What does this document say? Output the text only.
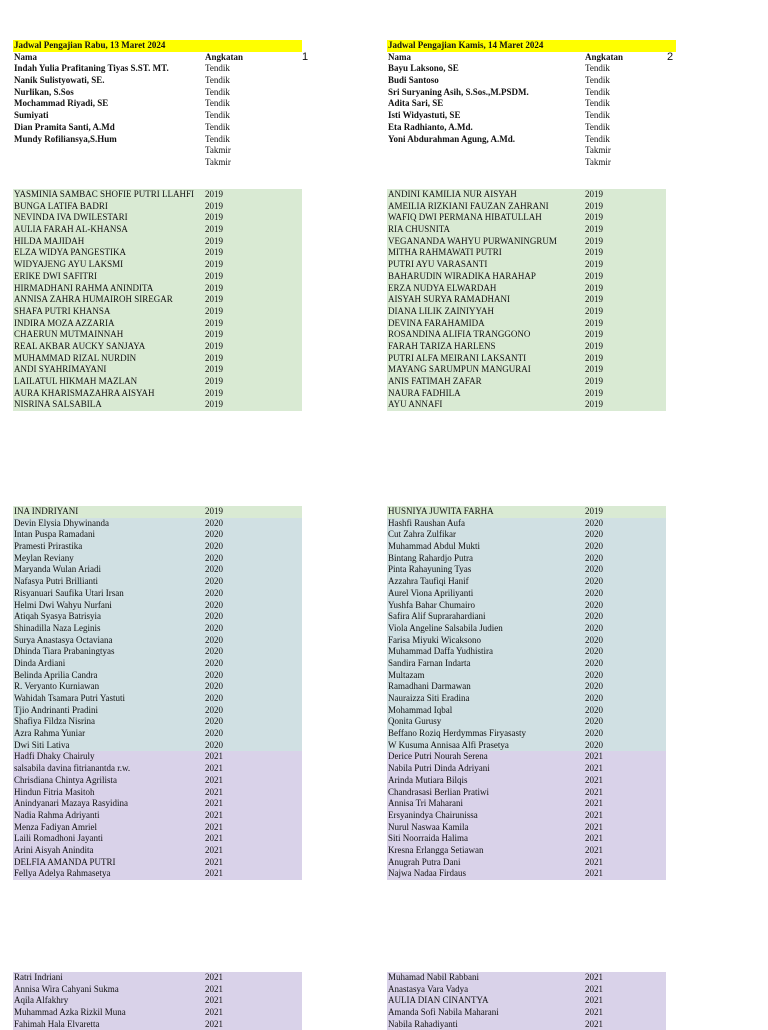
Jadwal Pengajian Rabu, 13 Maret 2024
Nama	Angkatan
Indah Yulia Prafitaning Tiyas S.ST. MT.	Tendik
Nanik Sulistyowati, SE.	Tendik
Nurlikan, S.Sos	Tendik
Mochammad Riyadi, SE	Tendik
Sumiyati	Tendik
Dian Pramita Santi, A.Md	Tendik
Mundy Rofiliansya,S.Hum	Tendik
Takmir
Takmir
1
YASMINIA SAMBAC SHOFIE PUTRI LLAHFI	2019
BUNGA LATIFA BADRI	2019
NEVINDA IVA DWILESTARI	2019
AULIA FARAH AL-KHANSA	2019
HILDA MAJIDAH	2019
ELZA WIDYA PANGESTIKA	2019
WIDYAJENG AYU LAKSMI	2019
ERIKE DWI SAFITRI	2019
HIRMADHANI RAHMA ANINDITA	2019
ANNISA ZAHRA HUMAIROH SIREGAR	2019
SHAFA PUTRI KHANSA	2019
INDIRA MOZA AZZARIA	2019
CHAERUN MUTMAINNAH	2019
REAL AKBAR AUCKY SANJAYA	2019
MUHAMMAD RIZAL NURDIN	2019
ANDI SYAHRIMAYANI	2019
LAILATUL HIKMAH MAZLAN	2019
AURA KHARISMAZAHRA AISYAH	2019
NISRINA SALSABILA	2019
INA INDRIYANI	2019
Devin Elysia Dhywinanda	2020
Intan Puspa Ramadani	2020
Pramesti Prirastika	2020
Meylan Reviany	2020
Maryanda Wulan Ariadi	2020
Nafasya Putri Brillianti	2020
Risyanuari Saufika Utari Irsan	2020
Helmi Dwi Wahyu Nurfani	2020
Atiqah Syasya Batrisyia	2020
Shinadilla Naza Leginis	2020
Surya Anastasya Octaviana	2020
Dhinda Tiara Prabaningtyas	2020
Dinda Ardiani	2020
Belinda Aprilia Candra	2020
R. Veryanto Kurniawan	2020
Wahidah Tsamara Putri Yastuti	2020
Tjio Andrinanti Pradini	2020
Shafiya Fildza Nisrina	2020
Azra Rahma Yuniar	2020
Dwi Siti Lativa	2020
Hadfi Dhaky Chairuly	2021
salsabila davina fitrianantda r.w.	2021
Chrisdiana Chintya Agrilista	2021
Hindun Fitria Masitoh	2021
Anindyanari Mazaya Rasyidina	2021
Nadia Rahma Adriyanti	2021
Menza Fadiyan Amriel	2021
Laili Romadhoni Jayanti	2021
Arini Aisyah Anindita	2021
DELFIA AMANDA PUTRI	2021
Fellya Adelya Rahmasetya	2021
Ratri Indriani	2021
Annisa Wira Cahyani Sukma	2021
Aqila Alfakhry	2021
Muhammad Azka Rizkil Muna	2021
Fahimah Hala Elvaretta	2021
Jadwal Pengajian Kamis, 14 Maret 2024
Nama	Angkatan
Bayu Laksono, SE	Tendik
Budi Santoso	Tendik
Sri Suryaning Asih, S.Sos.,M.PSDM.	Tendik
Adita Sari, SE	Tendik
Isti Widyastuti, SE	Tendik
Eta Radhianto, A.Md.	Tendik
Yoni Abdurahman Agung, A.Md.	Tendik
Takmir
Takmir
2
ANDINI KAMILIA NUR AISYAH	2019
AMEILIA RIZKIANI FAUZAN ZAHRANI	2019
WAFIQ DWI PERMANA HIBATULLAH	2019
RIA CHUSNITA	2019
VEGANANDA WAHYU PURWANINGRUM	2019
MITHA RAHMAWATI PUTRI	2019
PUTRI AYU VARASANTI	2019
BAHARUDIN WIRADIKA HARAHAP	2019
ERZA NUDYA ELWARDAH	2019
AISYAH SURYA RAMADHANI	2019
DIANA LILIK ZAINIYYAH	2019
DEVINA FARAHAMIDA	2019
ROSANDINA ALIFIA TRANGGONO	2019
FARAH TARIZA HARLENS	2019
PUTRI ALFA MEIRANI LAKSANTI	2019
MAYANG SARUMPUN MANGURAI	2019
ANIS FATIMAH ZAFAR	2019
NAURA FADHILA	2019
AYU ANNAFI	2019
HUSNIYA JUWITA FARHA	2019
Hashfi Raushan Aufa	2020
Cut Zahra Zulfikar	2020
Muhammad Abdul Mukti	2020
Bintang Rahardjo Putra	2020
Pinta Rahayuning Tyas	2020
Azzahra Taufiqi Hanif	2020
Aurel Viona Apriliyanti	2020
Yushfa Bahar Chumairo	2020
Safira Alif Suprarahardiani	2020
Viola Angeline Salsabila Judien	2020
Farisa Miyuki Wicaksono	2020
Muhammad Daffa Yudhistira	2020
Sandira Farnan Indarta	2020
Multazam	2020
Ramadhani Darmawan	2020
Nauraizza Siti Eradina	2020
Mohammad Iqbal	2020
Qonita Gurusy	2020
Beffano Roziq Herdymmas Firyasasty	2020
W Kusuma Annisaa Alfi Prasetya	2020
Derice Putri Nourah Serena	2021
Nabila Putri Dinda Adriyani	2021
Arinda Mutiara Bilqis	2021
Chandrasasi Berlian Pratiwi	2021
Annisa Tri Maharani	2021
Ersyanindya Chairunissa	2021
Nurul Naswaa Kamila	2021
Siti Noorraida Halima	2021
Kresna Erlangga Setiawan	2021
Anugrah Putra Dani	2021
Najwa Nadaa Firdaus	2021
Muhamad Nabil Rabbani	2021
Anastasya Vara Vadya	2021
AULIA DIAN CINANTYA	2021
Amanda Sofi Nabila Maharani	2021
Nabila Rahadiyanti	2021
